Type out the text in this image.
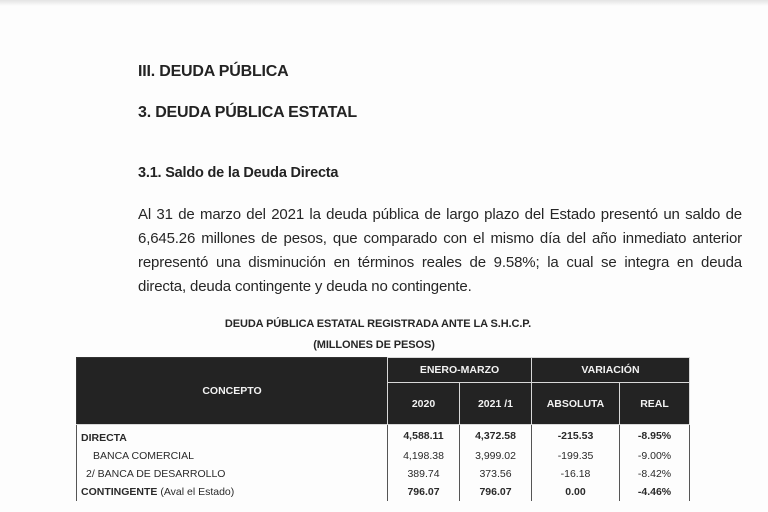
III. DEUDA PÚBLICA
3. DEUDA PÚBLICA ESTATAL
3.1. Saldo de la Deuda Directa
Al 31 de marzo del 2021 la deuda pública de largo plazo del Estado presentó un saldo de 6,645.26 millones de pesos, que comparado con el mismo día del año inmediato anterior representó una disminución en términos reales de 9.58%; la cual se integra en deuda directa, deuda contingente y deuda no contingente.
DEUDA PÚBLICA ESTATAL REGISTRADA ANTE LA S.H.C.P.
(MILLONES DE PESOS)
CONCEPTO	ENERO-MARZO		VARIACIÓN	
	2020	2021 /1	ABSOLUTA	REAL
DIRECTA	4,588.11	4,372.58	-215.53	-8.95%
BANCA COMERCIAL	4,198.38	3,999.02	-199.35	-9.00%
2/ BANCA DE DESARROLLO	389.74	373.56	-16.18	-8.42%
CONTINGENTE (Aval el Estado)	796.07	796.07	0.00	-4.46%
